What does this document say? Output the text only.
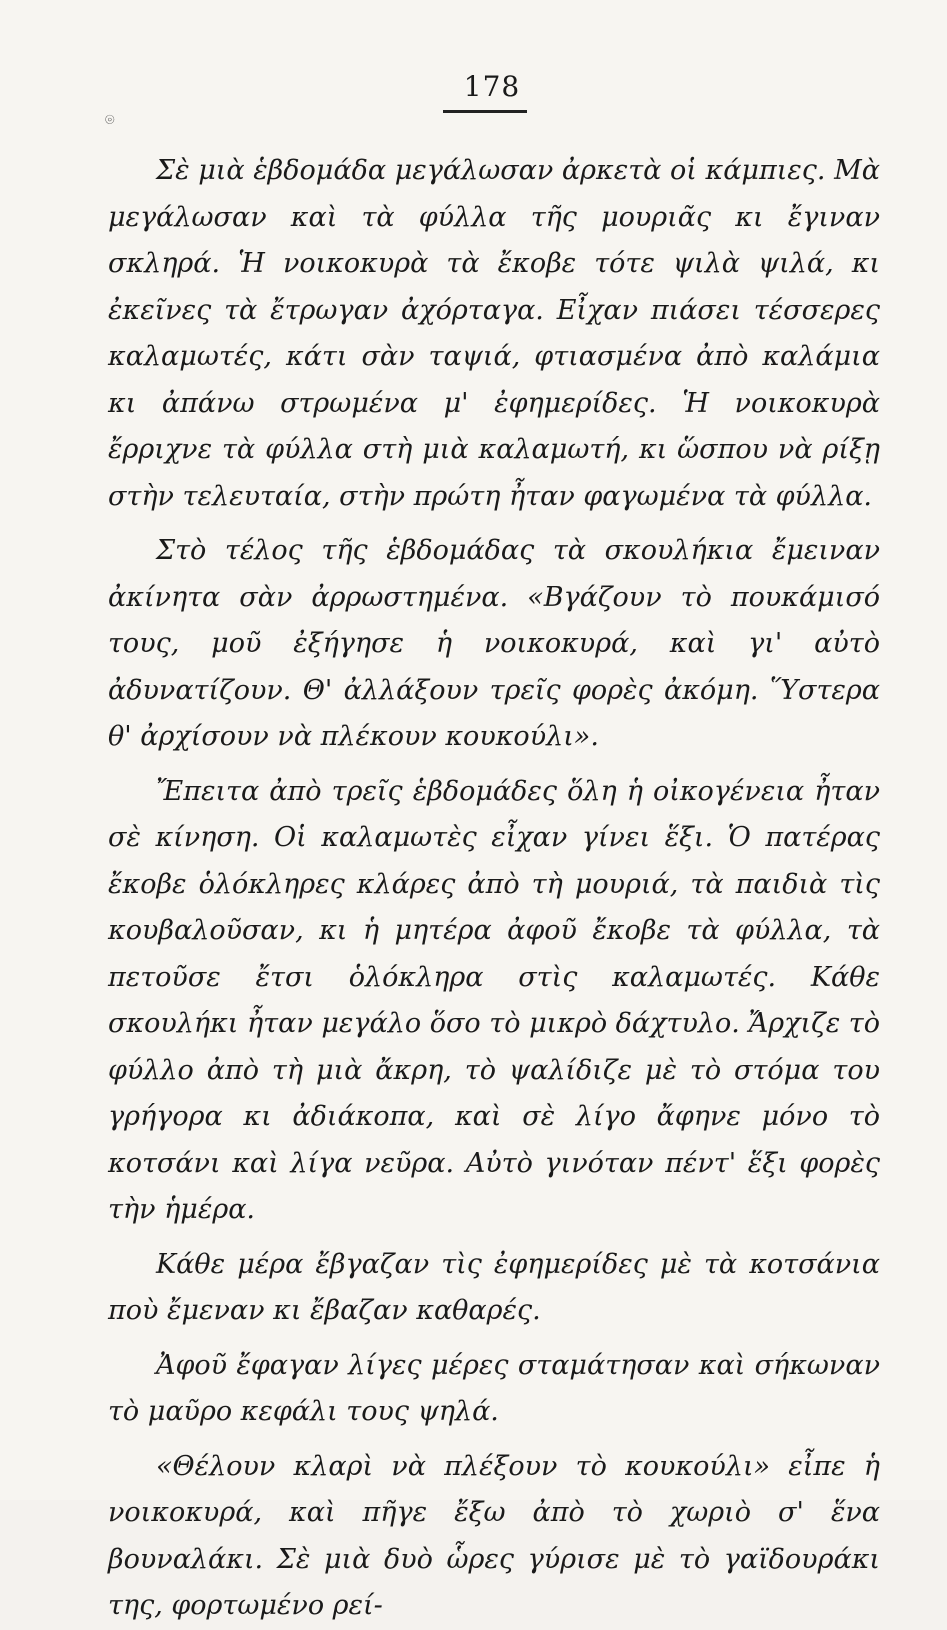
178
⌾

Σὲ μιὰ ἑβδομάδα μεγάλωσαν ἀρκετὰ οἱ κάμπιες. Μὰ μεγάλωσαν καὶ τὰ φύλλα τῆς μουριᾶς κι ἔγιναν σκληρά. Ἡ νοικοκυρὰ τὰ ἔκοβε τότε ψιλὰ ψιλά, κι ἐκεῖνες τὰ ἔτρωγαν ἀχόρταγα. Εἶχαν πιάσει τέσσερες καλαμωτές, κάτι σὰν ταψιά, φτιασμένα ἀπὸ καλάμια κι ἀπάνω στρωμένα μ' ἐφημερίδες. Ἡ νοικοκυρὰ ἔρριχνε τὰ φύλλα στὴ μιὰ καλαμωτή, κι ὥσπου νὰ ρίξῃ στὴν τελευταία, στὴν πρώτη ἦταν φαγωμένα τὰ φύλλα.

Στὸ τέλος τῆς ἑβδομάδας τὰ σκουλήκια ἔμειναν ἀκίνητα σὰν ἀρρωστημένα. «Βγάζουν τὸ πουκάμισό τους, μοῦ ἐξήγησε ἡ νοικοκυρά, καὶ γι' αὐτὸ ἀδυνατίζουν. Θ' ἀλλάξουν τρεῖς φορὲς ἀκόμη. Ὕστερα θ' ἀρχίσουν νὰ πλέκουν κουκούλι».

Ἔπειτα ἀπὸ τρεῖς ἑβδομάδες ὅλη ἡ οἰκογένεια ἦταν σὲ κίνηση. Οἱ καλαμωτὲς εἶχαν γίνει ἕξι. Ὁ πατέρας ἔκοβε ὁλόκληρες κλάρες ἀπὸ τὴ μουριά, τὰ παιδιὰ τὶς κουβαλοῦσαν, κι ἡ μητέρα ἀφοῦ ἔκοβε τὰ φύλλα, τὰ πετοῦσε ἔτσι ὁλόκληρα στὶς καλαμωτές. Κάθε σκουλήκι ἦταν μεγάλο ὅσο τὸ μικρὸ δάχτυλο. Ἄρχιζε τὸ φύλλο ἀπὸ τὴ μιὰ ἄκρη, τὸ ψαλίδιζε μὲ τὸ στόμα του γρήγορα κι ἀδιάκοπα, καὶ σὲ λίγο ἄφηνε μόνο τὸ κοτσάνι καὶ λίγα νεῦρα. Αὐτὸ γινόταν πέντ' ἕξι φορὲς τὴν ἡμέρα.

Κάθε μέρα ἔβγαζαν τὶς ἐφημερίδες μὲ τὰ κοτσάνια ποὺ ἔμεναν κι ἔβαζαν καθαρές.

Ἀφοῦ ἔφαγαν λίγες μέρες σταμάτησαν καὶ σήκωναν τὸ μαῦρο κεφάλι τους ψηλά.

«Θέλουν κλαρὶ νὰ πλέξουν τὸ κουκούλι» εἶπε ἡ νοικοκυρά, καὶ πῆγε ἔξω ἀπὸ τὸ χωριὸ σ' ἕνα βουναλάκι. Σὲ μιὰ δυὸ ὧρες γύρισε μὲ τὸ γαϊδουράκι της, φορτωμένο ρεί-
